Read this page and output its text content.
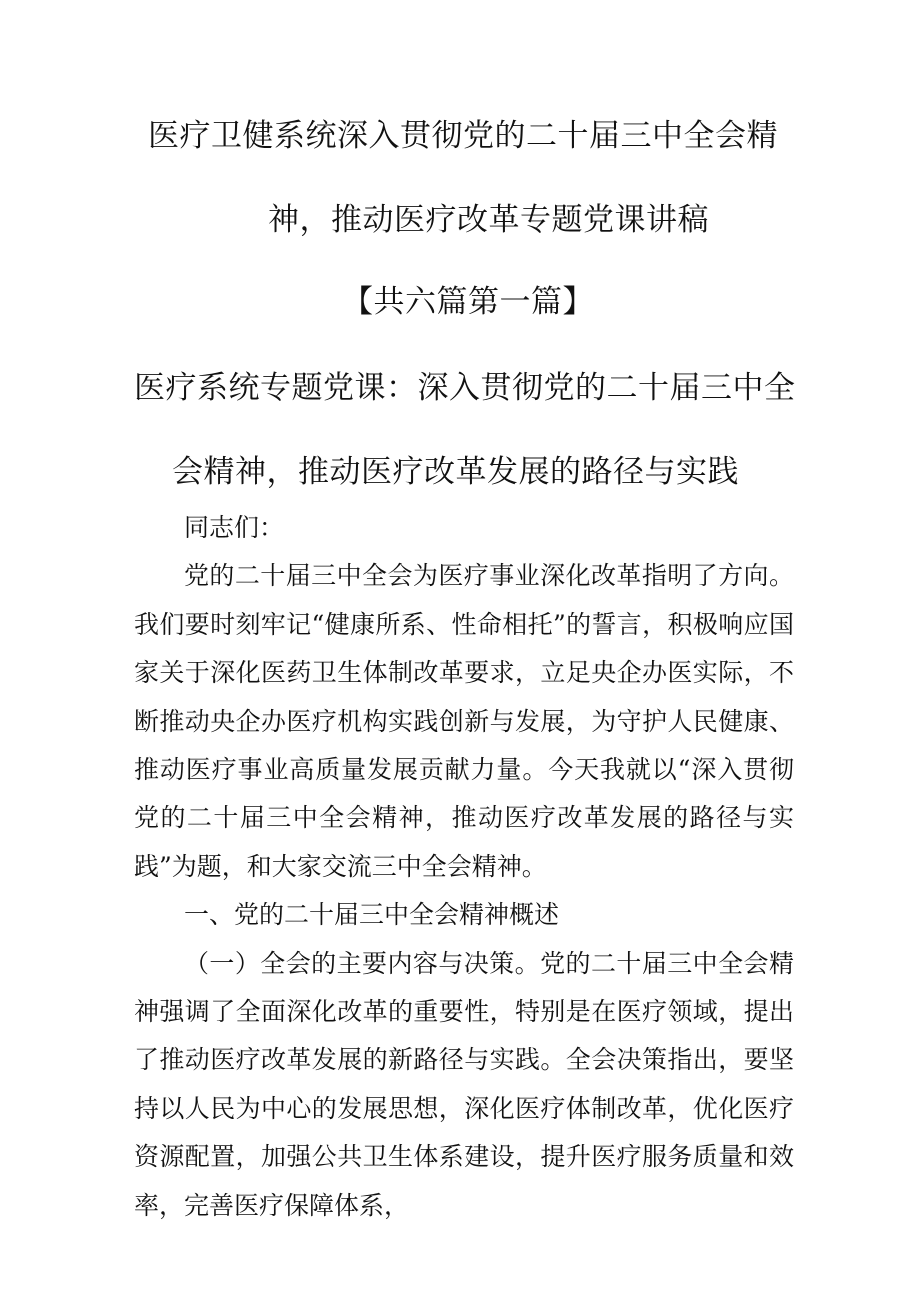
医疗卫健系统深入贯彻党的二十届三中全会精
神，推动医疗改革专题党课讲稿
【共六篇第一篇】
医疗系统专题党课：深入贯彻党的二十届三中全
会精神，推动医疗改革发展的路径与实践

同志们：

党的二十届三中全会为医疗事业深化改革指明了方向。我们要时刻牢记“健康所系、性命相托”的誓言，积极响应国家关于深化医药卫生体制改革要求，立足央企办医实际，不断推动央企办医疗机构实践创新与发展，为守护人民健康、推动医疗事业高质量发展贡献力量。今天我就以“深入贯彻党的二十届三中全会精神，推动医疗改革发展的路径与实践”为题，和大家交流三中全会精神。

一、党的二十届三中全会精神概述

（一）全会的主要内容与决策。党的二十届三中全会精神强调了全面深化改革的重要性，特别是在医疗领域，提出了推动医疗改革发展的新路径与实践。全会决策指出，要坚持以人民为中心的发展思想，深化医疗体制改革，优化医疗资源配置，加强公共卫生体系建设，提升医疗服务质量和效率，完善医疗保障体系，
